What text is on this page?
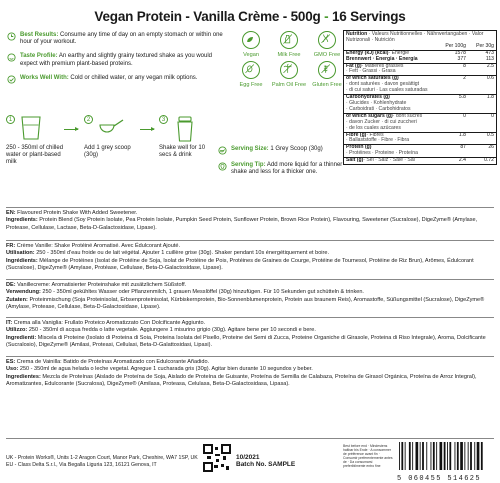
Vegan Protein - Vanilla Crème - 500g - 16 Servings
Best Results: Consume any time of day on an empty stomach or within one hour of your workout.
Taste Profile: An earthy and slightly grainy textured shake as you would expect with premium plant-based proteins.
Works Well With: Cold or chilled water, or any vegan milk options.
Vegan	Milk Free	GMO Free
Egg Free	Palm Oil Free	Gluten Free
1
250 - 350ml of chilled water or plant-based milk
2
Add 1 grey scoop (30g)
3
Shake well for 10 secs & drink
Serving Size: 1 Grey Scoop (30g)
Serving Tip: Add more liquid for a thinner shake and less for a thicker one.
Nutrition · Valeurs Nutritionnelles · Nährwertangaben · Valor Nutrizonali · Nutrición		
	Per 100g	Per 30g
Energy (kJ) (kcal)· Énergie	1578	473
Brennwert · Energia · Energía	377	113
Fat (g)· Matières grasses	8	2.5
· Fett · Grassi · Grasa		
of which saturates (g)	2	0.6
· dont saturées · davon gesättigt		
· di cui saturi · Las cuales saturadas		
Carbohydrates (g)	5.8	1.8
· Glucides · Kohlenhydrate		
· Carboidrati · Carbohidratos		
of which sugars (g)· dont sucres	0	0
· davon Zucker · di cui zuccheri		
· de los cuales azúcares		
Fibre (g)· Fibres	1.8	0.5
· Ballaststoffe · Fibre · Fibra		
Protein (g)	87	26
· Protéines · Proteine · Proteína		
Salt (g)· Sel · Salz · Sale · Sal	2.4	0.72
EN: Flavoured Protein Shake With Added Sweetener.
Ingredients: Protein Blend (Soy Protein Isolate, Pea Protein Isolate, Pumpkin Seed Protein, Sunflower Protein, Brown Rice Protein), Flavouring, Sweetener (Sucralose), DigeZyme® (Amylase, Protease, Cellulase, Lactase, Beta-D-Galactosidase, Lipase).
FR: Crème Vanille: Shake Protéiné Aromatisé. Avec Édulcorant Ajouté.
Utilisation: 250 - 350ml d'eau froide ou de lait végétal. Ajouter 1 cuillère grise (30g). Shaker pendant 10s énergétiquement et boire.
Ingrédients: Mélange de Protéines (Isolat de Protéine de Soja, Isolat de Protéine de Pois, Protéines de Graines de Courge, Protéine de Tournesol, Protéine de Riz Brun), Arômes, Édulcorant (Sucralose), DigeZyme® (Amylase, Protéase, Cellulase, Beta-D-Galactosidase, Lipase).
DE: Vanillecreme: Aromatisierter Proteinshake mit zusätzlichem Süßstoff.
Verwendung: 250 - 350ml gekühltes Wasser oder Pflanzenmilch, 1 grauen Messlöffel (30g) hinzufügen. Für 10 Sekunden gut schütteln & trinken.
Zutaten: Proteinmischung (Soja Proteinisolat, Erbsenproteinisolat, Kürbiskernprotein, Bio-Sonnenblumenprotein, Protein aus braunem Reis), Aromastoffe, Süßungsmittel (Sucralose), DigeZyme® (Amylase, Protease, Cellulase, Beta-D-Galactosidase, Lipase).
IT: Crema alla Vaniglia: Frullato Proteico Aromatizzato Con Dolcificante Aggiunto.
Utilizzo: 250 - 350ml di acqua fredda o latte vegetale. Aggiungere 1 misurino grigio (30g). Agitare bene per 10 secondi e bere.
Ingredienti: Miscela di Proteine (Isolato di Proteina di Soia, Proteina Isolata del Pisello, Proteine dei Semi di Zucca, Proteine Organiche di Girasole, Proteina di Riso Integrale), Aroma, Dolcificante (Sucralosio), DigeZyme® (Amilasi, Proteasi, Cellulasi, Beta-D-Galattosidasi, Lipasi).
ES: Crema de Vainilla: Batido de Proteínas Aromatizado con Edulcorante Añadido.
Uso: 250 - 350ml de agua helada o leche vegetal. Agregue 1 cucharada gris (30g). Agitar bien durante 10 segundos y beber.
Ingredientes: Mezcla de Proteínas (Aislado de Proteína de Soja, Aislado de Proteína de Guisante, Proteína de Semilla de Calabaza, Proteína de Girasol Orgánica, Proteína de Arroz Integral), Aromatizantes, Edulcorante (Sucralosa), DigeZyme® (Amilasa, Proteasa, Celulasa, Beta-D-Galactosidasa, Lipasa).
UK - Protein Works®, Units 1-2 Aragon Court, Manor Park, Cheshire, WA7 1SP, UK
EU - Class Delta S.r.l., Via Begalla Liguria 123, 16121 Genova, IT
10/2021
Batch No. SAMPLE
Best before end · Mindestens haltbar bis Ende · A consommer de préférence avant fin · Consumir preferentemente antes de · Da consumarsi preferibilmente entro fine
5 060455 514625
